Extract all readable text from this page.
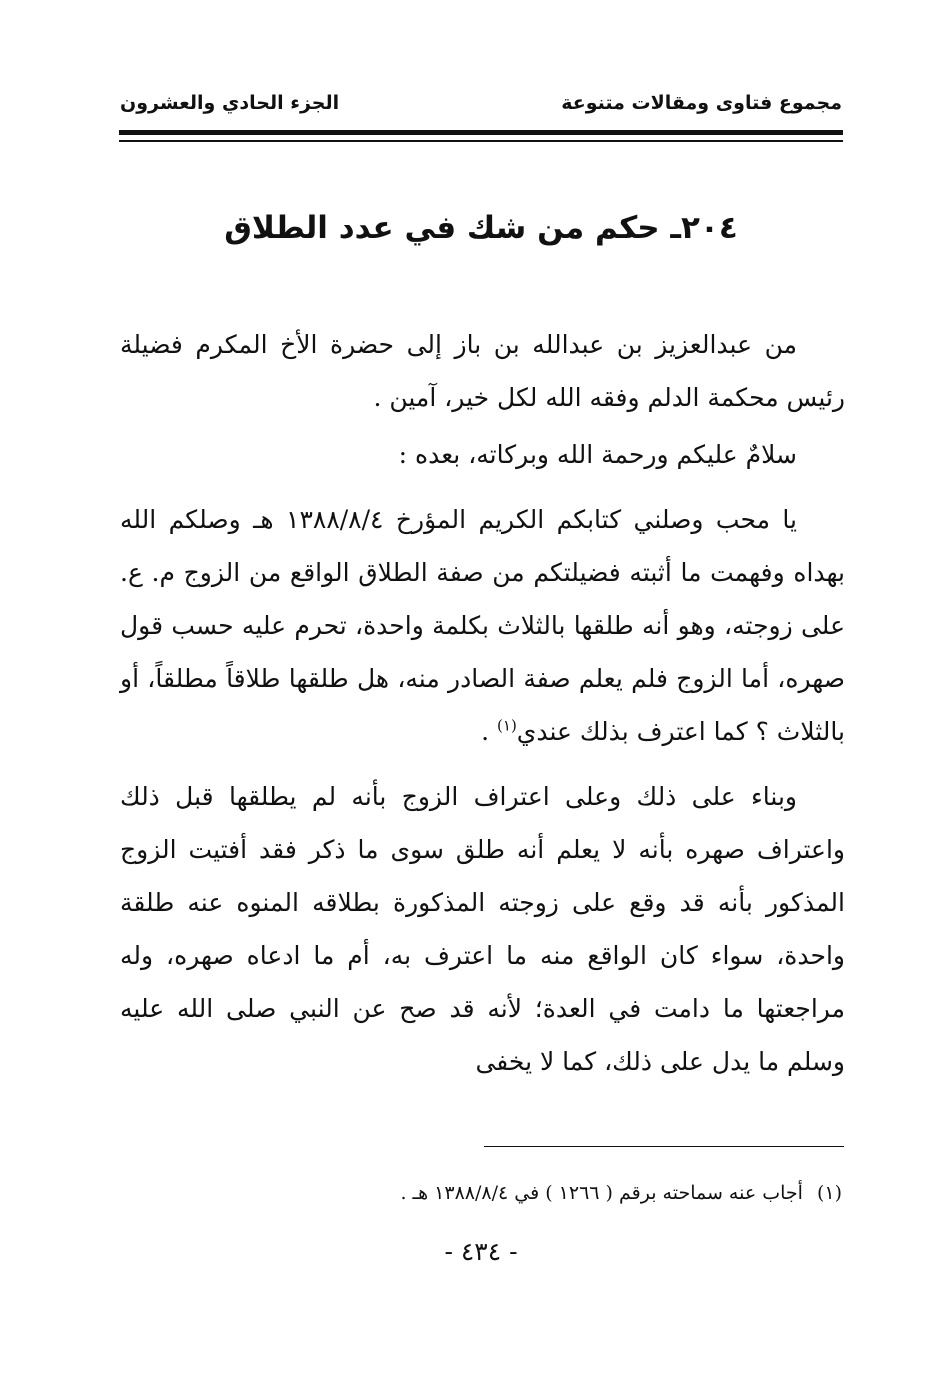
مجموع فتاوى ومقالات متنوعة
الجزء الحادي والعشرون
٢٠٤ـ حكم من شك في عدد الطلاق

من عبدالعزيز بن عبدالله بن باز إلى حضرة الأخ المكرم فضيلة رئيس محكمة الدلم وفقه الله لكل خير، آمين .

سلامٌ عليكم ورحمة الله وبركاته، بعده :

يا محب وصلني كتابكم الكريم المؤرخ ١٣٨٨/٨/٤ هـ وصلكم الله بهداه وفهمت ما أثبته فضيلتكم من صفة الطلاق الواقع من الزوج م. ع. على زوجته، وهو أنه طلقها بالثلاث بكلمة واحدة، تحرم عليه حسب قول صهره، أما الزوج فلم يعلم صفة الصادر منه، هل طلقها طلاقاً مطلقاً، أو بالثلاث ؟ كما اعترف بذلك عندي$^{(١)}$ .

وبناء على ذلك وعلى اعتراف الزوج بأنه لم يطلقها قبل ذلك واعتراف صهره بأنه لا يعلم أنه طلق سوى ما ذكر فقد أفتيت الزوج المذكور بأنه قد وقع على زوجته المذكورة بطلاقه المنوه عنه طلقة واحدة، سواء كان الواقع منه ما اعترف به، أم ما ادعاه صهره، وله مراجعتها ما دامت في العدة؛ لأنه قد صح عن النبي صلى الله عليه وسلم ما يدل على ذلك، كما لا يخفى

(١)أجاب عنه سماحته برقم ( ١٢٦٦ ) في ١٣٨٨/٨/٤ هـ .
- ٤٣٤ -
